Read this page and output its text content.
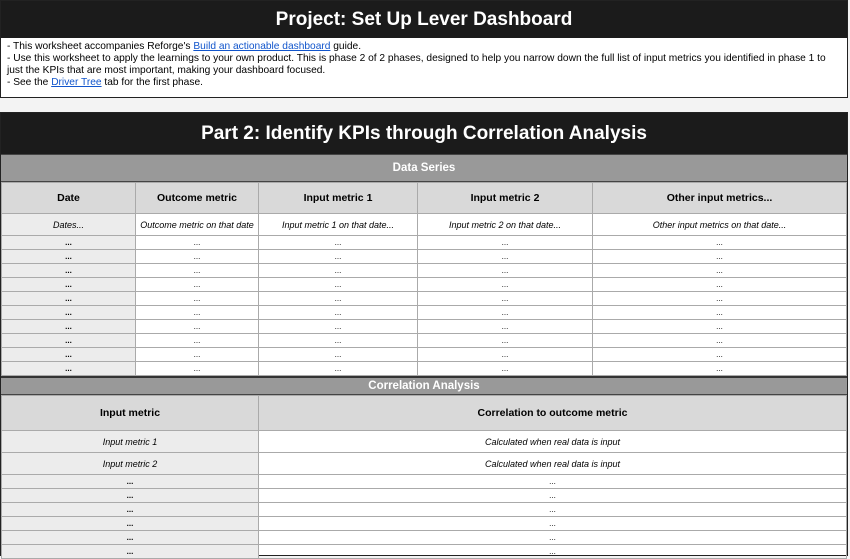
Project: Set Up Lever Dashboard

- This worksheet accompanies Reforge's Build an actionable dashboard guide.

- Use this worksheet to apply the learnings to your own product. This is phase 2 of 2 phases, designed to help you narrow down the full list of input metrics you identified in phase 1 to just the KPIs that are most important, making your dashboard focused.

- See the Driver Tree tab for the first phase.

Part 2: Identify KPIs through Correlation Analysis
Data Series
Date	Outcome metric	Input metric 1	Input metric 2	Other input metrics...
Dates...	Outcome metric on that date	Input metric 1 on that date...	Input metric 2 on that date...	Other input metrics on that date...
...	...	...	...	...
...	...	...	...	...
...	...	...	...	...
...	...	...	...	...
...	...	...	...	...
...	...	...	...	...
...	...	...	...	...
...	...	...	...	...
...	...	...	...	...
...	...	...	...	...
Correlation Analysis
Input metric	Correlation to outcome metric
Input metric 1	Calculated when real data is input
Input metric 2	Calculated when real data is input
...	...
...	...
...	...
...	...
...	...
...	...
